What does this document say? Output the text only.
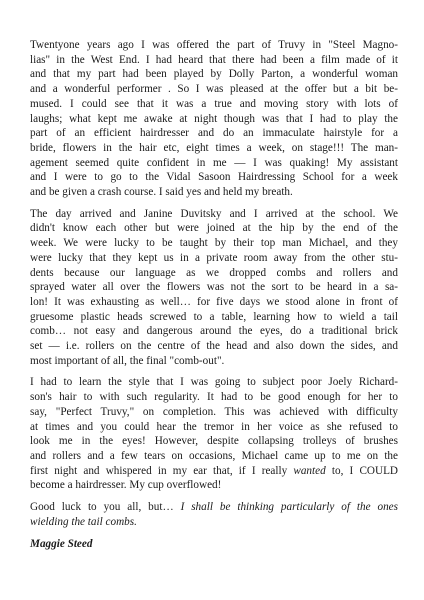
Twentyone years ago I was offered the part of Truvy in "Steel Magno-
lias" in the West End. I had heard that there had been a film made of it
and that my part had been played by Dolly Parton, a wonderful woman
and a wonderful performer . So I was pleased at the offer but a bit be-
mused. I could see that it was a true and moving story with lots of
laughs; what kept me awake at night though was that I had to play the
part of an efficient hairdresser and do an immaculate hairstyle for a
bride, flowers in the hair etc, eight times a week, on stage!!! The man-
agement seemed quite confident in me — I was quaking! My assistant
and I were to go to the Vidal Sasoon Hairdressing School for a week
and be given a crash course. I said yes and held my breath.

The day arrived and Janine Duvitsky and I arrived at the school. We
didn't know each other but were joined at the hip by the end of the
week. We were lucky to be taught by their top man Michael, and they
were lucky that they kept us in a private room away from the other stu-
dents because our language as we dropped combs and rollers and
sprayed water all over the flowers was not the sort to be heard in a sa-
lon! It was exhausting as well… for five days we stood alone in front of
gruesome plastic heads screwed to a table, learning how to wield a tail
comb… not easy and dangerous around the eyes, do a traditional brick
set — i.e. rollers on the centre of the head and also down the sides, and
most important of all, the final "comb-out".

I had to learn the style that I was going to subject poor Joely Richard-
son's hair to with such regularity. It had to be good enough for her to
say, "Perfect Truvy," on completion. This was achieved with difficulty
at times and you could hear the tremor in her voice as she refused to
look me in the eyes! However, despite collapsing trolleys of brushes
and rollers and a few tears on occasions, Michael came up to me on the
first night and whispered in my ear that, if I really wanted to, I COULD
become a hairdresser. My cup overflowed!

Good luck to you all, but… I shall be thinking particularly of the ones
wielding the tail combs.

Maggie Steed
